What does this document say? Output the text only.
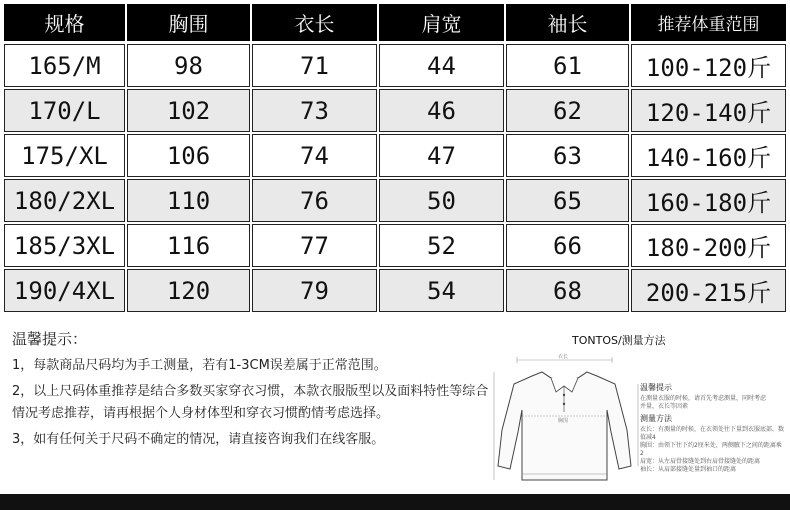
规格	胸围	衣长	肩宽	袖长	推荐体重范围
165/M	98	71	44	61	100-120斤
170/L	102	73	46	62	120-140斤
175/XL	106	74	47	63	140-160斤
180/2XL	110	76	50	65	160-180斤
185/3XL	116	77	52	66	180-200斤
190/4XL	120	79	54	68	200-215斤
温馨提示：
1，每款商品尺码均为手工测量，若有1-3CM误差属于正常范围。
2，以上尺码体重推荐是结合多数买家穿衣习惯，本款衣服版型以及面料特性等综合情况考虑推荐，请再根据个人身材体型和穿衣习惯酌情考虑选择。
3，如有任何关于尺码不确定的情况，请直接咨询我们在线客服。
TONTOS/测量方法
衣长
胸围
温馨提示
在测量衣服的时候，请首先考虑测量，同时考虑
并量，衣长等因素
测量方法
衣长：有测量的时候，在衣领处往下量到衣服底部，数值减4
胸围：由领下往下约2厘米处，两侧腋下之间的距离乘2
肩宽：从左肩骨接缝处到右肩骨接缝处的距离
袖长：从肩部接缝处量到袖口的距离
